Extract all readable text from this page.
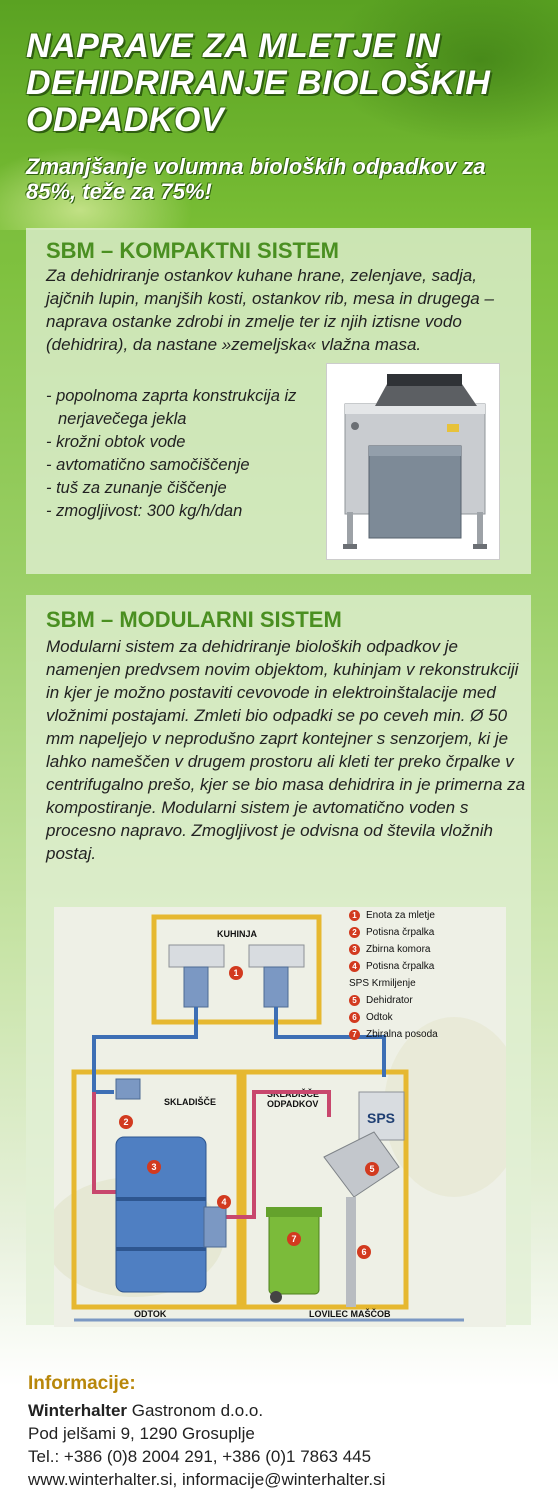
NAPRAVE ZA MLETJE IN DEHIDRIRANJE BIOLOŠKIH ODPADKOV
Zmanjšanje volumna bioloških odpadkov za 85%, teže za 75%!
SBM – KOMPAKTNI SISTEM
Za dehidriranje ostankov kuhane hrane, zelenjave, sadja, jajčnih lupin, manjših kosti, ostankov rib, mesa in drugega – naprava ostanke zdrobi in zmelje ter iz njih iztisne vodo (dehidrira), da nastane »zemeljska« vlažna masa.
- popolnoma zaprta konstrukcija iz nerjavečega jekla
- krožni obtok vode
- avtomatično samočiščenje
- tuš za zunanje čiščenje
- zmogljivost: 300 kg/h/dan
SBM – MODULARNI SISTEM
Modularni sistem za dehidriranje bioloških odpadkov je namenjen predvsem novim objektom, kuhinjam v rekonstrukciji in kjer je možno postaviti cevovode in elektroinštalacije med vložnimi postajami. Zmleti bio odpadki se po ceveh min. Ø 50 mm napeljejo v neprodušno zaprt kontejner s senzorjem, ki je lahko nameščen v drugem prostoru ali kleti ter preko črpalke v centrifugalno prešo, kjer se bio masa dehidrira in je primerna za kompostiranje. Modularni sistem je avtomatično voden s procesno napravo. Zmogljivost je odvisna od števila vložnih postaj.
KUHINJA
SKLADIŠČE
SKLADIŠČE
ODPADKOV
SPS
ODTOK	LOVILEC MAŠČOB
1
2
3
4
5
6
7
1 Enota za mletje
2 Potisna črpalka
3 Zbirna komora
4 Potisna črpalka
SPS Krmiljenje
5 Dehidrator
6 Odtok
7 Zbiralna posoda
Informacije:
Winterhalter Gastronom d.o.o.
Pod jelšami 9, 1290 Grosuplje
Tel.: +386 (0)8 2004 291, +386 (0)1 7863 445
www.winterhalter.si, informacije@winterhalter.si
